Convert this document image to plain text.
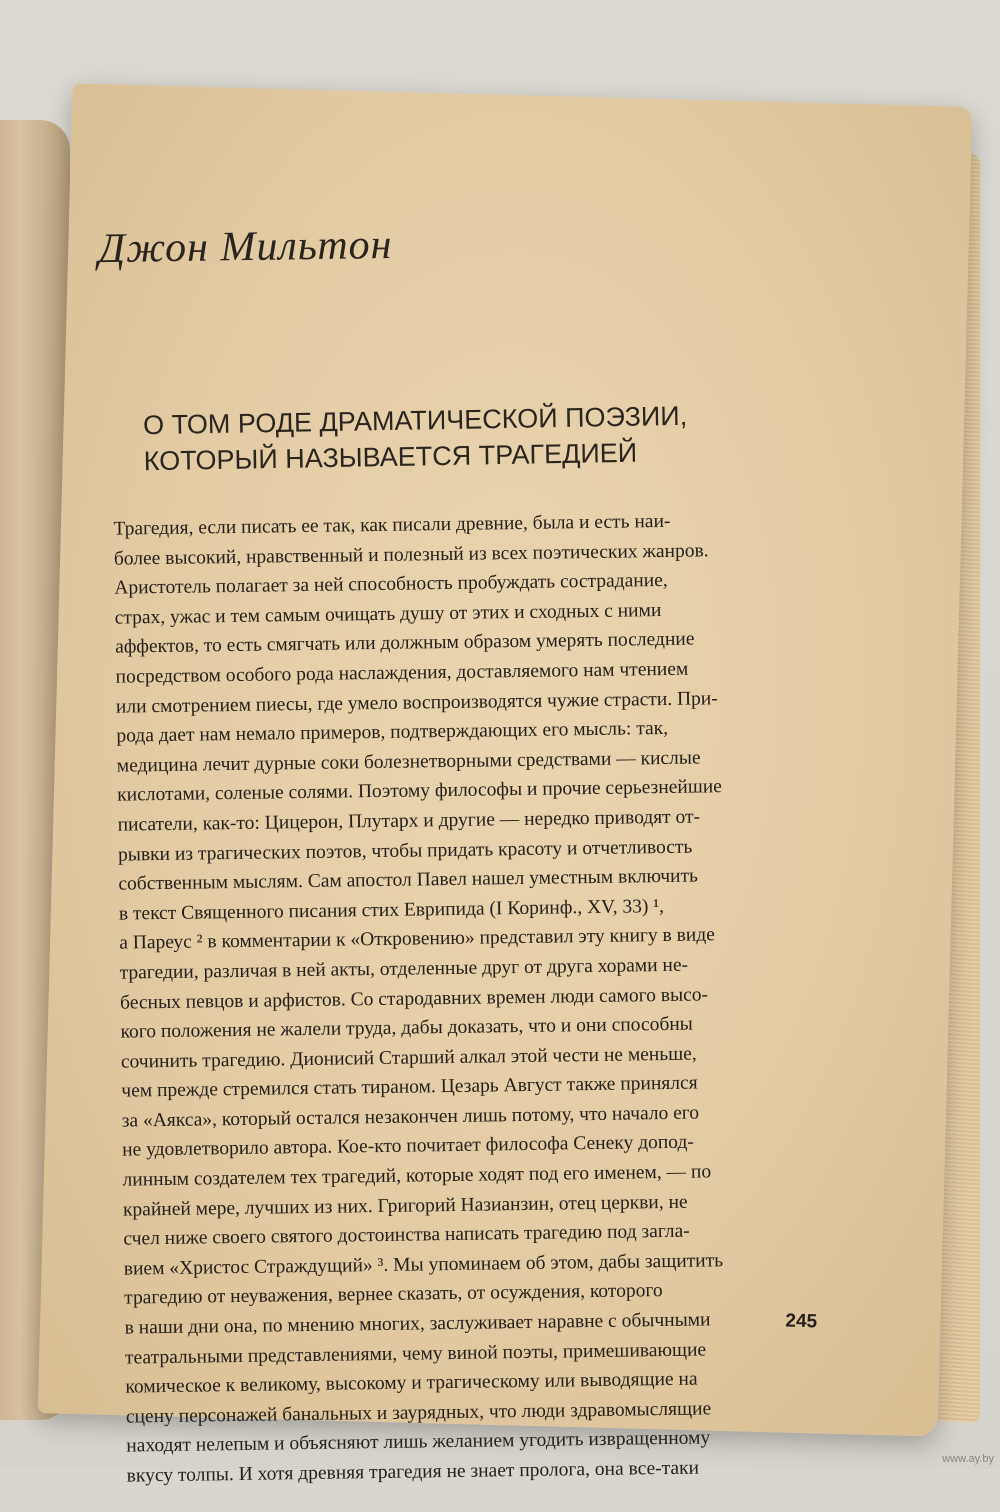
Джон Мильтон
О ТОМ РОДЕ ДРАМАТИЧЕСКОЙ ПОЭЗИИ,
КОТОРЫЙ НАЗЫВАЕТСЯ ТРАГЕДИЕЙ
Трагедия, если писать ее так, как писали древние, была и есть наи-
более высокий, нравственный и полезный из всех поэтических жанров.
Аристотель полагает за ней способность пробуждать сострадание,
страх, ужас и тем самым очищать душу от этих и сходных с ними
аффектов, то есть смягчать или должным образом умерять последние
посредством особого рода наслаждения, доставляемого нам чтением
или смотрением пиесы, где умело воспроизводятся чужие страсти. При-
рода дает нам немало примеров, подтверждающих его мысль: так,
медицина лечит дурные соки болезнетворными средствами — кислые
кислотами, соленые солями. Поэтому философы и прочие серьезнейшие
писатели, как-то: Цицерон, Плутарх и другие — нередко приводят от-
рывки из трагических поэтов, чтобы придать красоту и отчетливость
собственным мыслям. Сам апостол Павел нашел уместным включить
в текст Священного писания стих Еврипида (I Коринф., XV, 33) ¹,
а Пареус ² в комментарии к «Откровению» представил эту книгу в виде
трагедии, различая в ней акты, отделенные друг от друга хорами не-
бесных певцов и арфистов. Со стародавних времен люди самого высо-
кого положения не жалели труда, дабы доказать, что и они способны
сочинить трагедию. Дионисий Старший алкал этой чести не меньше,
чем прежде стремился стать тираном. Цезарь Август также принялся
за «Аякса», который остался незакончен лишь потому, что начало его
не удовлетворило автора. Кое-кто почитает философа Сенеку допод-
линным создателем тех трагедий, которые ходят под его именем, — по
крайней мере, лучших из них. Григорий Назианзин, отец церкви, не
счел ниже своего святого достоинства написать трагедию под загла-
вием «Христос Страждущий» ³. Мы упоминаем об этом, дабы защитить
трагедию от неуважения, вернее сказать, от осуждения, которого
в наши дни она, по мнению многих, заслуживает наравне с обычными
театральными представлениями, чему виной поэты, примешивающие
комическое к великому, высокому и трагическому или выводящие на
сцену персонажей банальных и заурядных, что люди здравомыслящие
находят нелепым и объясняют лишь желанием угодить извращенному
вкусу толпы. И хотя древняя трагедия не знает пролога, она все-таки
245
www.ay.by
